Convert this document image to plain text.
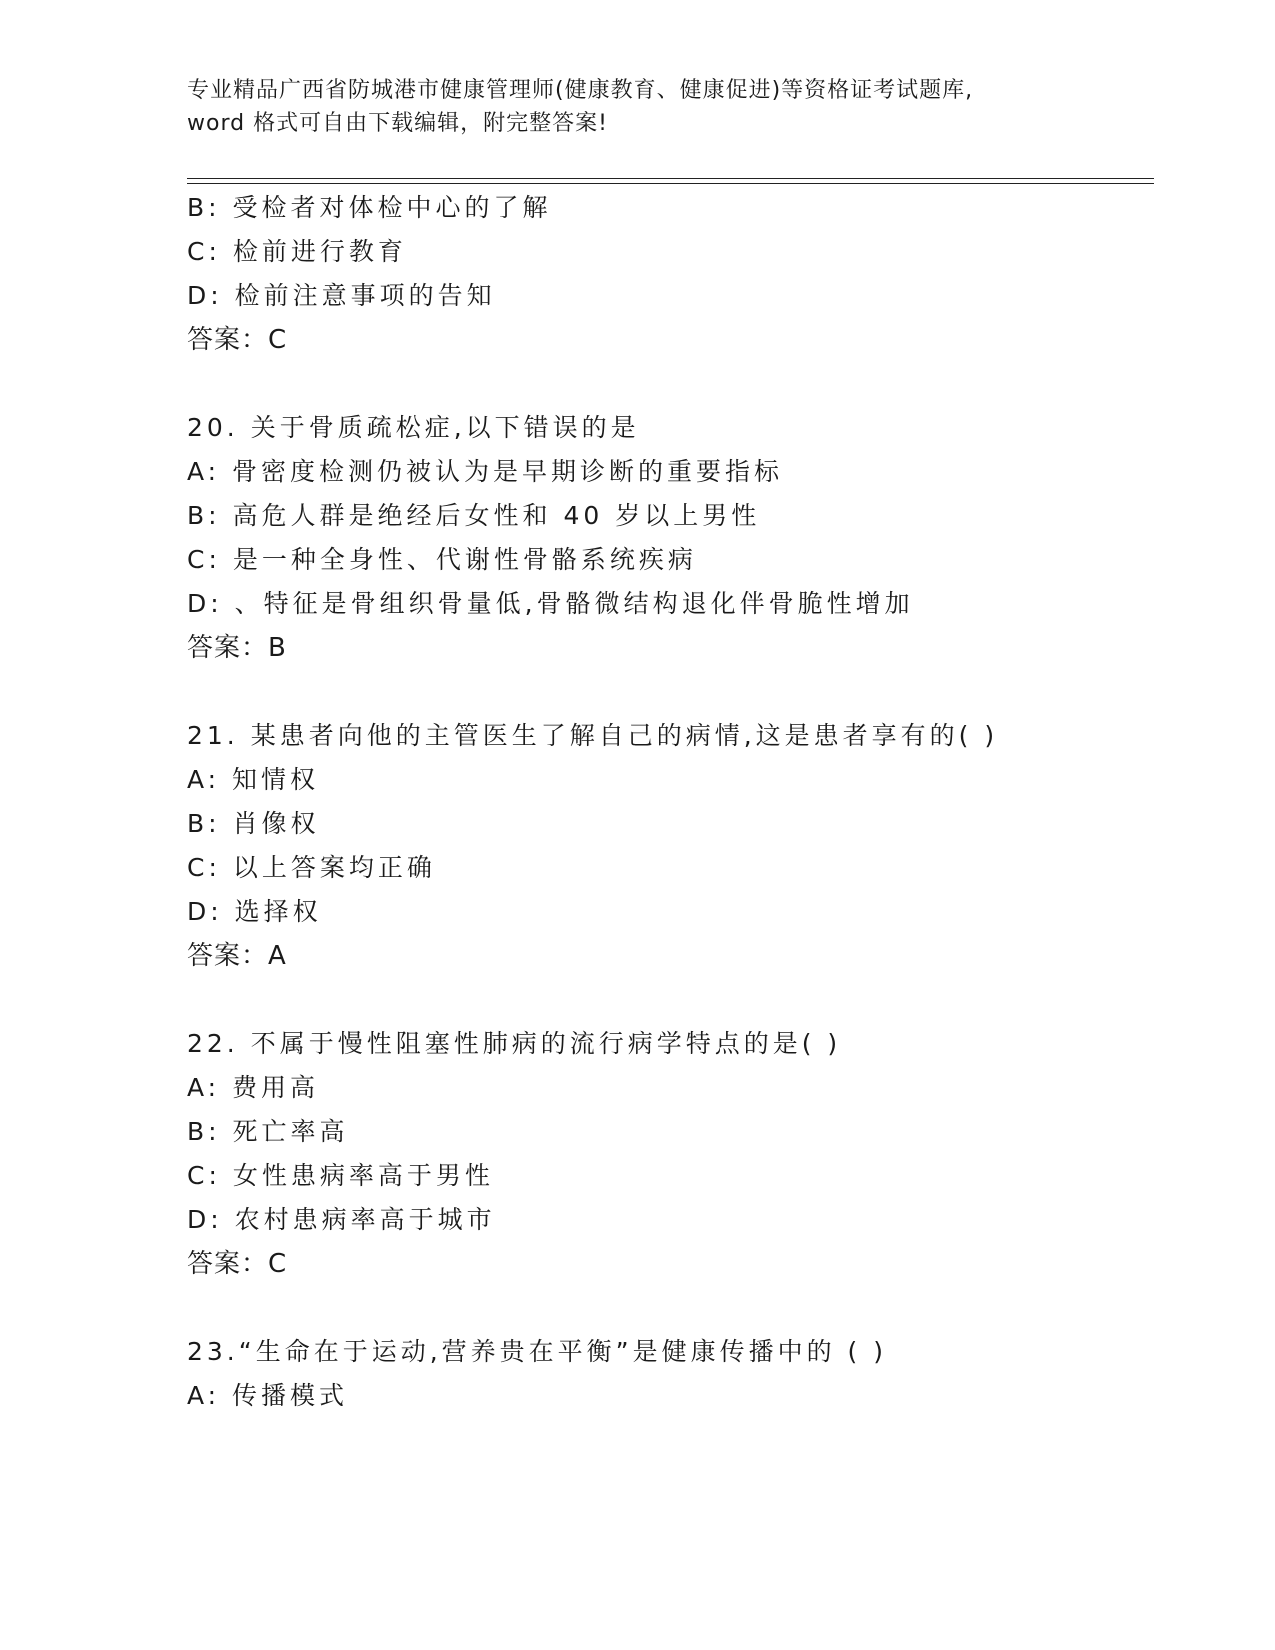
专业精品广西省防城港市健康管理师(健康教育、健康促进)等资格证考试题库,
word 格式可自由下载编辑，附完整答案!
B: 受检者对体检中心的了解
C: 检前进行教育
D: 检前注意事项的告知
答案：C
20. 关于骨质疏松症,以下错误的是
A: 骨密度检测仍被认为是早期诊断的重要指标
B: 高危人群是绝经后女性和 40 岁以上男性
C: 是一种全身性、代谢性骨骼系统疾病
D: 、特征是骨组织骨量低,骨骼微结构退化伴骨脆性增加
答案：B
21. 某患者向他的主管医生了解自己的病情,这是患者享有的( )
A: 知情权
B: 肖像权
C: 以上答案均正确
D: 选择权
答案：A
22. 不属于慢性阻塞性肺病的流行病学特点的是( )
A: 费用高
B: 死亡率高
C: 女性患病率高于男性
D: 农村患病率高于城市
答案：C
23.“生命在于运动,营养贵在平衡”是健康传播中的 ( )
A: 传播模式
